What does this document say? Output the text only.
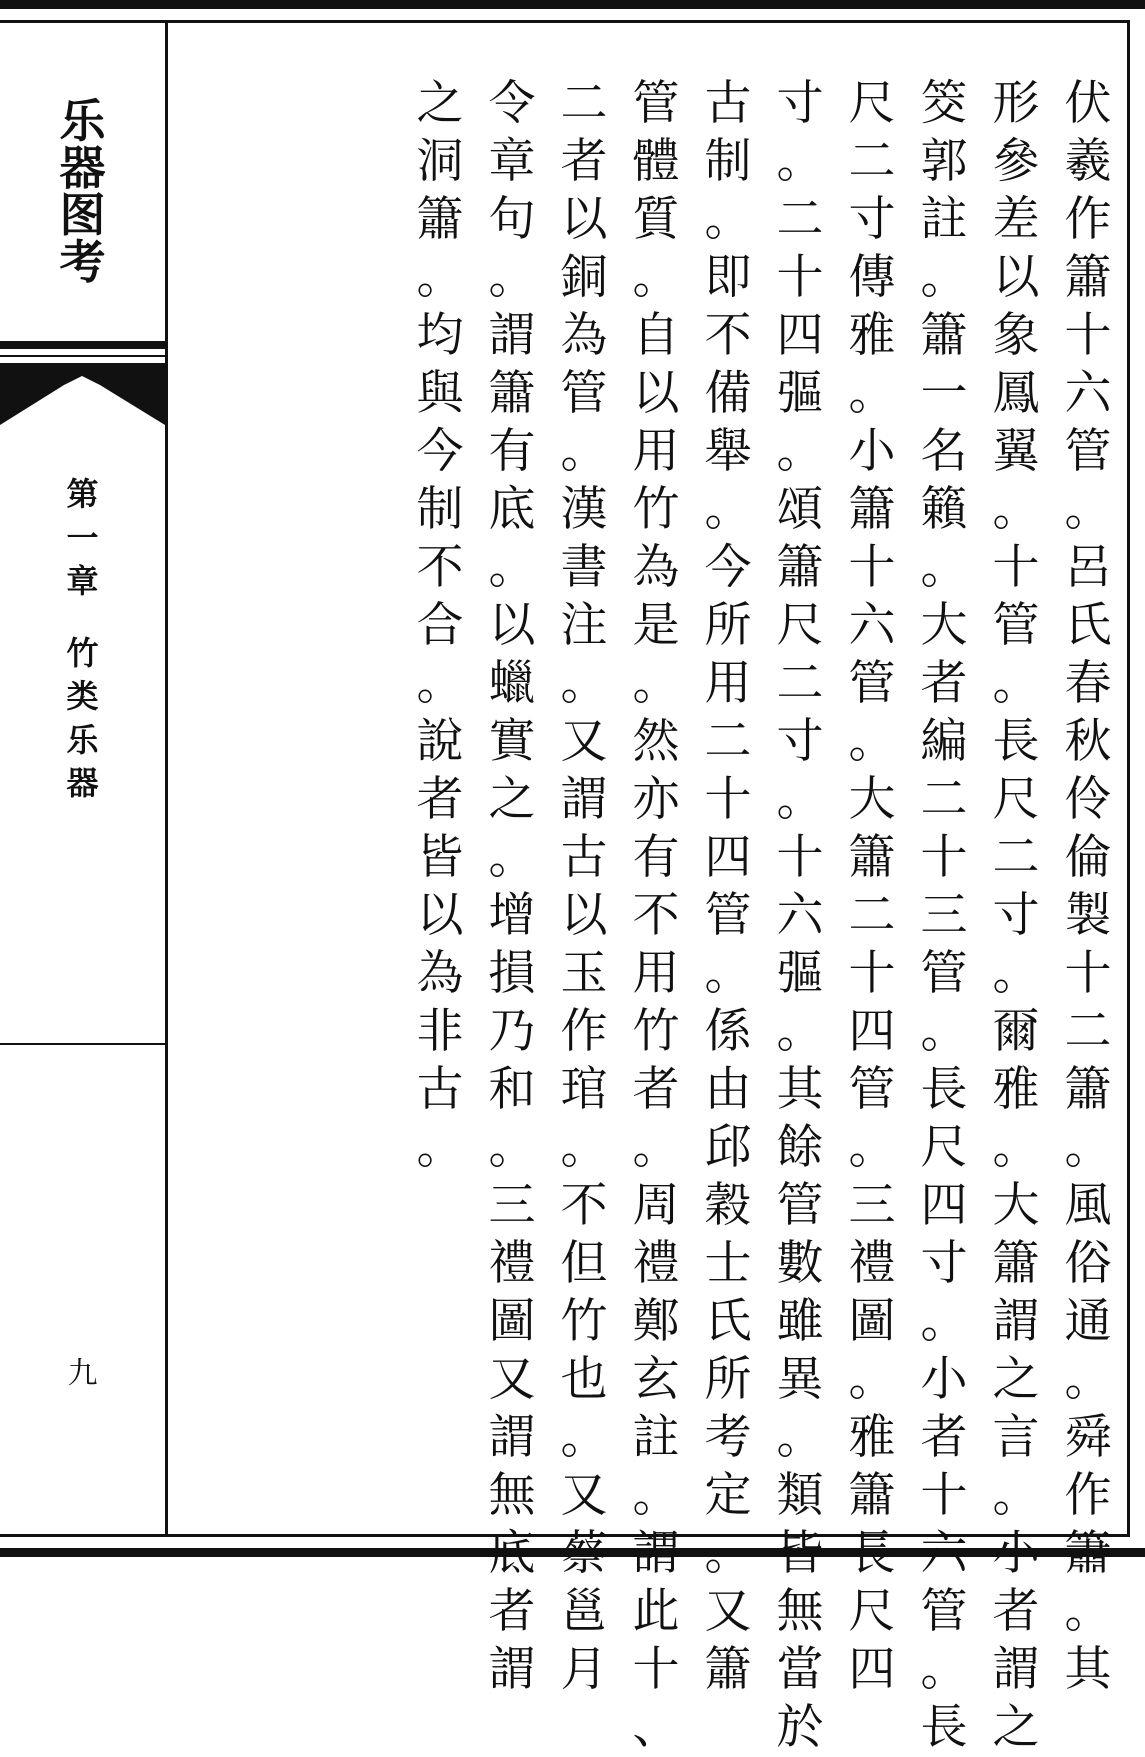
乐
器
图
考
第
一
章
竹
类
乐
器
九
伏
羲
作
簫
十
六
管
。
呂
氏
春
秋
伶
倫
製
十
二
簫
。
風
俗
通
。
舜
作
簫
。
其
形
參
差
以
象
鳳
翼
。
十
管
。
長
尺
二
寸
。
爾
雅
。
大
簫
謂
之
言
。
小
者
謂
之
筊
郭
註
。
簫
一
名
籟
。
大
者
編
二
十
三
管
。
長
尺
四
寸
。
小
者
十
六
管
。
長
尺
二
寸
傳
雅
。
小
簫
十
六
管
。
大
簫
二
十
四
管
。
三
禮
圖
。
雅
簫
長
尺
四
寸
。
二
十
四
彄
。
頌
簫
尺
二
寸
。
十
六
彄
。
其
餘
管
數
雖
異
。
類
皆
無
當
於
古
制
。
即
不
備
舉
。
今
所
用
二
十
四
管
。
係
由
邱
穀
士
氏
所
考
定
。
又
簫
管
體
質
。
自
以
用
竹
為
是
。
然
亦
有
不
用
竹
者
。
周
禮
鄭
玄
註
。
謂
此
十
、
二
者
以
銅
為
管
。
漢
書
注
。
又
謂
古
以
玉
作
琯
。
不
但
竹
也
。
又
蔡
邕
月
令
章
句
。
謂
簫
有
底
。
以
蠟
實
之
。
增
損
乃
和
。
三
禮
圖
又
謂
無
底
者
謂
之
洞
簫
。
均
與
今
制
不
合
。
說
者
皆
以
為
非
古
。
